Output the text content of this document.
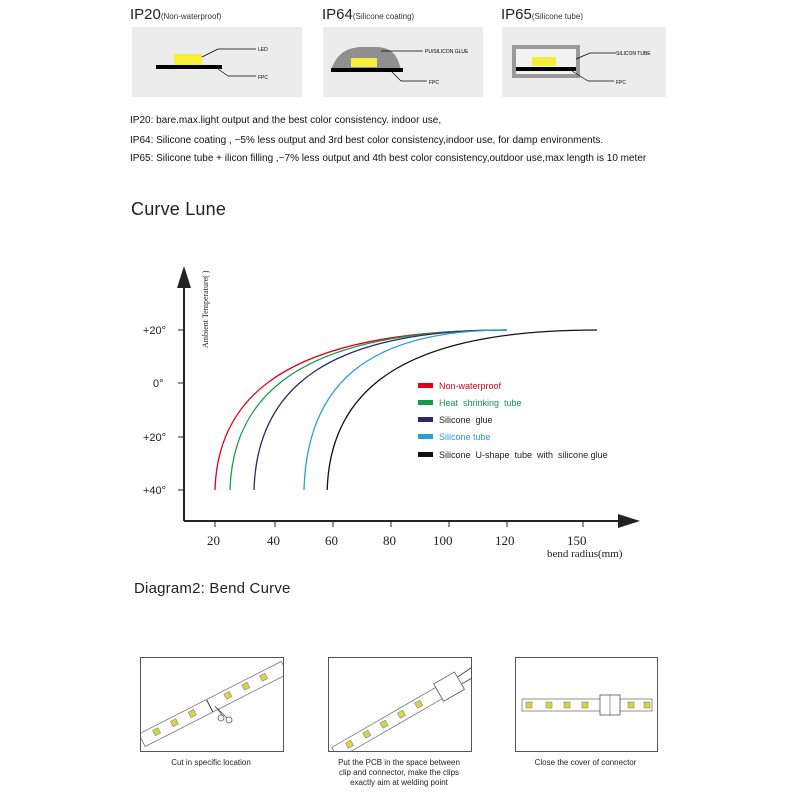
IP20(Non-waterproof)	IP64(Silicone coating)	IP65(Silicone tube)
LED
FPC
PU/SILICON GLUE
FPC
SILICON TUBE
FPC
IP20: bare.max.light output and the best color consistency. indoor use,
IP64: Silicone coating , ~5% less output and 3rd best color consistency,indoor use, for damp environments.
IP65: Silicone tube + ilicon filling ,~7% less output and 4th best color consistency,outdoor use,max length is 10 meter
Curve Lune
Ambient Temperature( )
+20°
0°
+20°
+40°
20	40	60	80	100	120	150
bend radius(mm)
Non-waterproof
Heat  shrinking  tube
Silicone  glue
Silicone tube
Silicone  U-shape  tube  with  silicone glue
Diagram2: Bend Curve
Cut in specific location	Put the PCB in the space between
clip and connector, make the clips
exactly aim at welding point
Close the cover of connector
